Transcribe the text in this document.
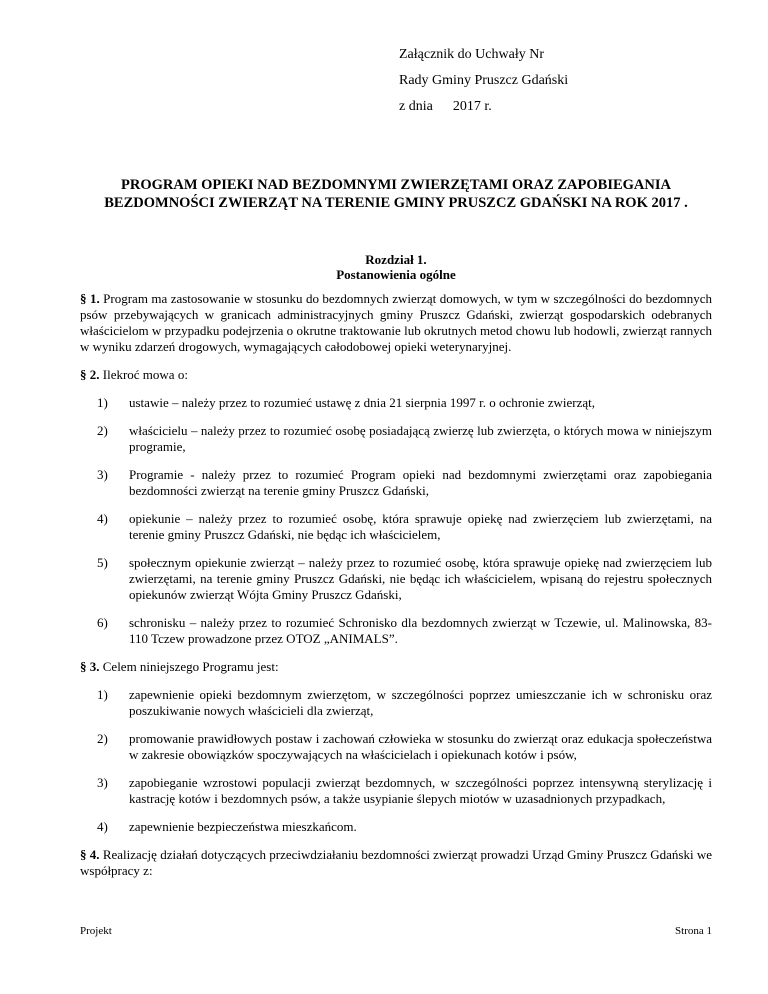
Załącznik do Uchwały Nr
Rady Gminy Pruszcz Gdański
z dnia 2017 r.
PROGRAM OPIEKI NAD BEZDOMNYMI ZWIERZĘTAMI ORAZ ZAPOBIEGANIA BEZDOMNOŚCI ZWIERZĄT NA TERENIE GMINY PRUSZCZ GDAŃSKI NA ROK 2017 .
Rozdział 1.
Postanowienia ogólne

§ 1. Program ma zastosowanie w stosunku do bezdomnych zwierząt domowych, w tym w szczególności do bezdomnych psów przebywających w granicach administracyjnych gminy Pruszcz Gdański, zwierząt gospodarskich odebranych właścicielom w przypadku podejrzenia o okrutne traktowanie lub okrutnych metod chowu lub hodowli, zwierząt rannych w wyniku zdarzeń drogowych, wymagających całodobowej opieki weterynaryjnej.

§ 2. Ilekroć mowa o:

1) ustawie – należy przez to rozumieć ustawę z dnia 21 sierpnia 1997 r. o ochronie zwierząt,
2) właścicielu – należy przez to rozumieć osobę posiadającą zwierzę lub zwierzęta, o których mowa w niniejszym programie,
3) Programie - należy przez to rozumieć Program opieki nad bezdomnymi zwierzętami oraz zapobiegania bezdomności zwierząt na terenie gminy Pruszcz Gdański,
4) opiekunie – należy przez to rozumieć osobę, która sprawuje opiekę nad zwierzęciem lub zwierzętami, na terenie gminy Pruszcz Gdański, nie będąc ich właścicielem,
5) społecznym opiekunie zwierząt – należy przez to rozumieć osobę, która sprawuje opiekę nad zwierzęciem lub zwierzętami, na terenie gminy Pruszcz Gdański, nie będąc ich właścicielem, wpisaną do rejestru społecznych opiekunów zwierząt Wójta Gminy Pruszcz Gdański,
6) schronisku – należy przez to rozumieć Schronisko dla bezdomnych zwierząt w Tczewie, ul. Malinowska, 83-110 Tczew prowadzone przez OTOZ „ANIMALS”.

§ 3. Celem niniejszego Programu jest:

1) zapewnienie opieki bezdomnym zwierzętom, w szczególności poprzez umieszczanie ich w schronisku oraz poszukiwanie nowych właścicieli dla zwierząt,
2) promowanie prawidłowych postaw i zachowań człowieka w stosunku do zwierząt oraz edukacja społeczeństwa w zakresie obowiązków spoczywających na właścicielach i opiekunach kotów i psów,
3) zapobieganie wzrostowi populacji zwierząt bezdomnych, w szczególności poprzez intensywną sterylizację i kastrację kotów i bezdomnych psów, a także usypianie ślepych miotów w uzasadnionych przypadkach,
4) zapewnienie bezpieczeństwa mieszkańcom.

§ 4. Realizację działań dotyczących przeciwdziałaniu bezdomności zwierząt prowadzi Urząd Gminy Pruszcz Gdański we współpracy z:

Projekt	Strona 1
